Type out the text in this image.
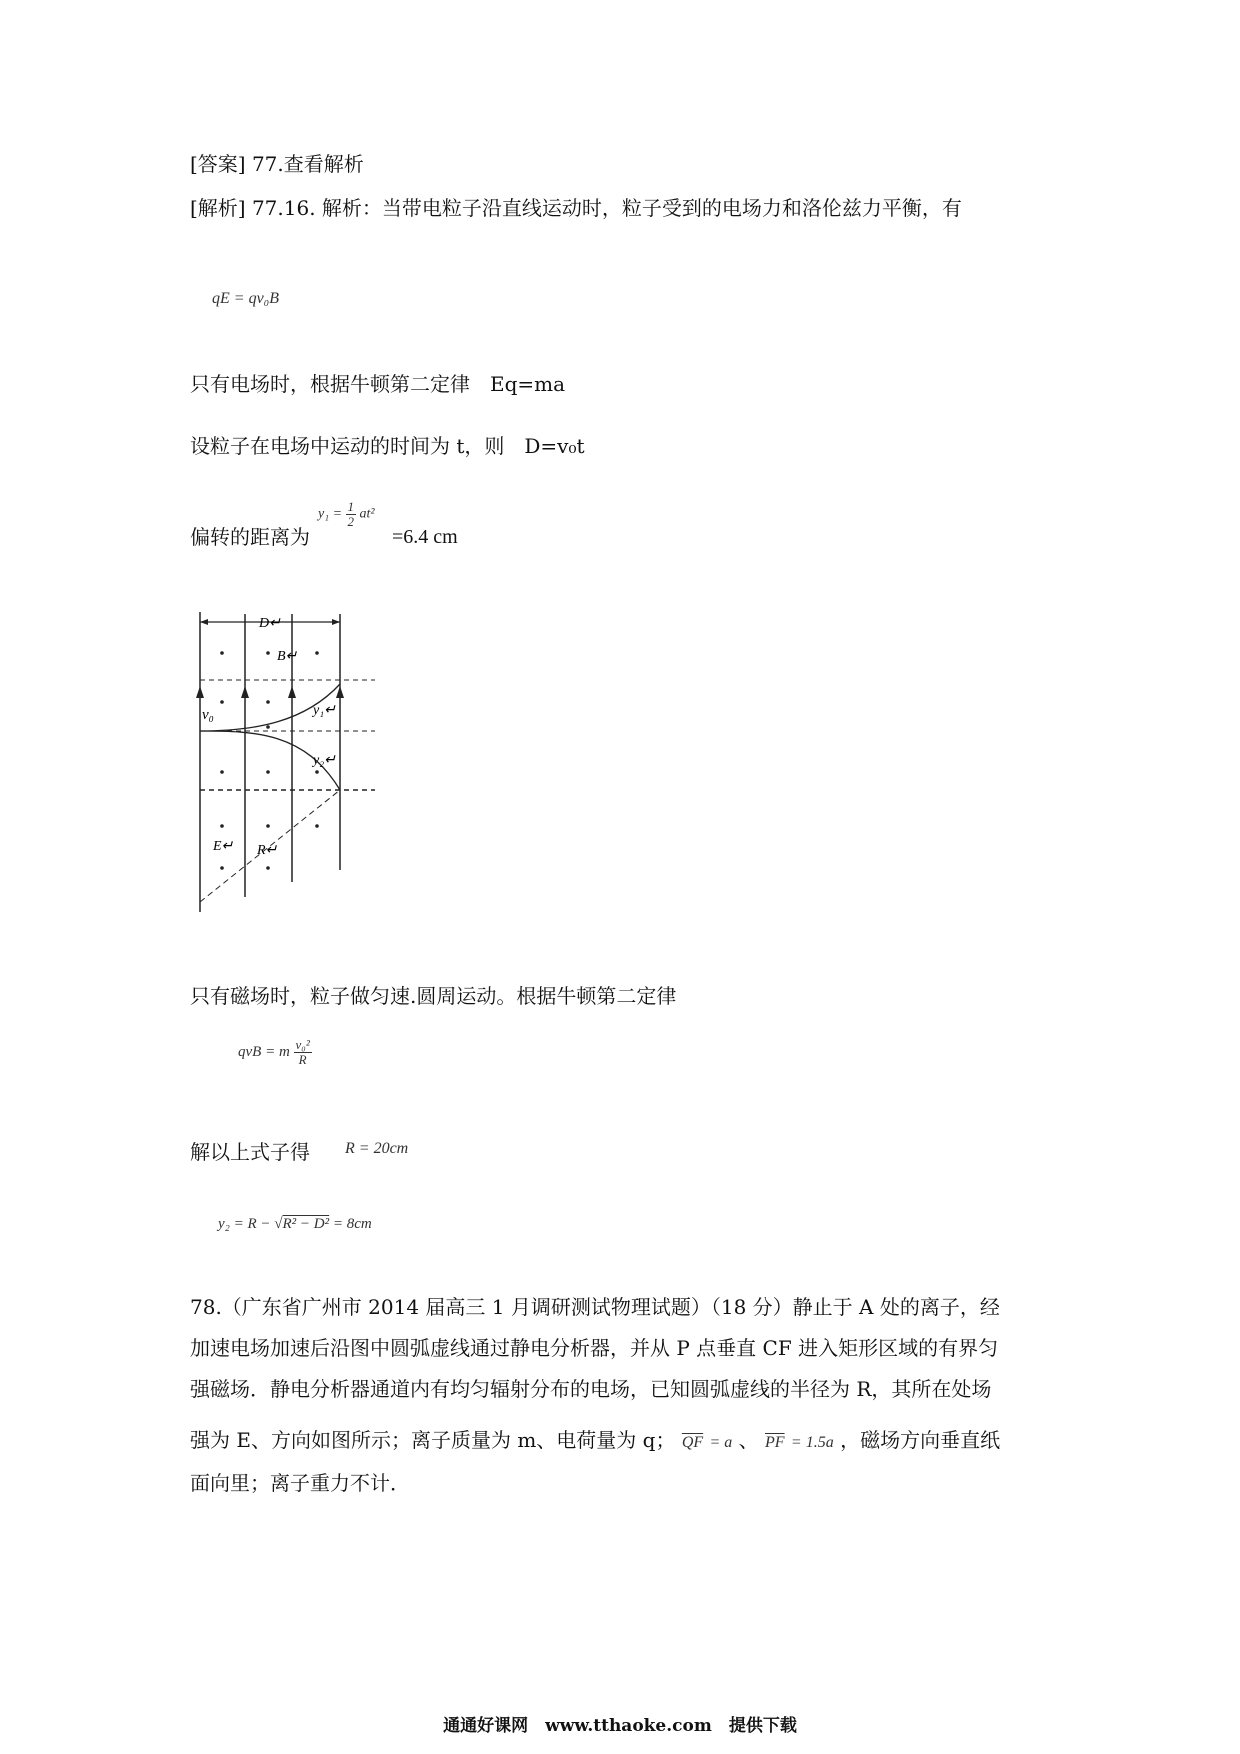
[答案] 77.查看解析
[解析] 77.16. 解析：当带电粒子沿直线运动时，粒子受到的电场力和洛伦兹力平衡，有
qE = qv₀B
只有电场时，根据牛顿第二定律　Eq=ma
设粒子在电场中运动的时间为 t，则　D=v₀t
偏转的距离为
$y_1 = \frac{1}{2} at^2$
=6.4 cm
D↵
B↵
v₀	y₁↵
y₂↵
E↵ R↵
只有磁场时，粒子做匀速.圆周运动。根据牛顿第二定律
qvB = m $\frac{\text{v₀²}}{R}$
解以上式子得 R = 20cm
y₂ = R − √R² − D² = 8cm
78.（广东省广州市 2014 届高三 1 月调研测试物理试题）（18 分）静止于 A 处的离子，经
加速电场加速后沿图中圆弧虚线通过静电分析器，并从 P 点垂直 CF 进入矩形区域的有界匀
强磁场．静电分析器通道内有均匀辐射分布的电场，已知圆弧虚线的半径为 R，其所在处场
强为 E、方向如图所示；离子质量为 m、电荷量为 q； $\overline{QF} = a$ 、 $\overline{PF} = 1.5a$ ，磁场方向垂直纸
面向里；离子重力不计．
通通好课网　www.tthaoke.com　提供下载
